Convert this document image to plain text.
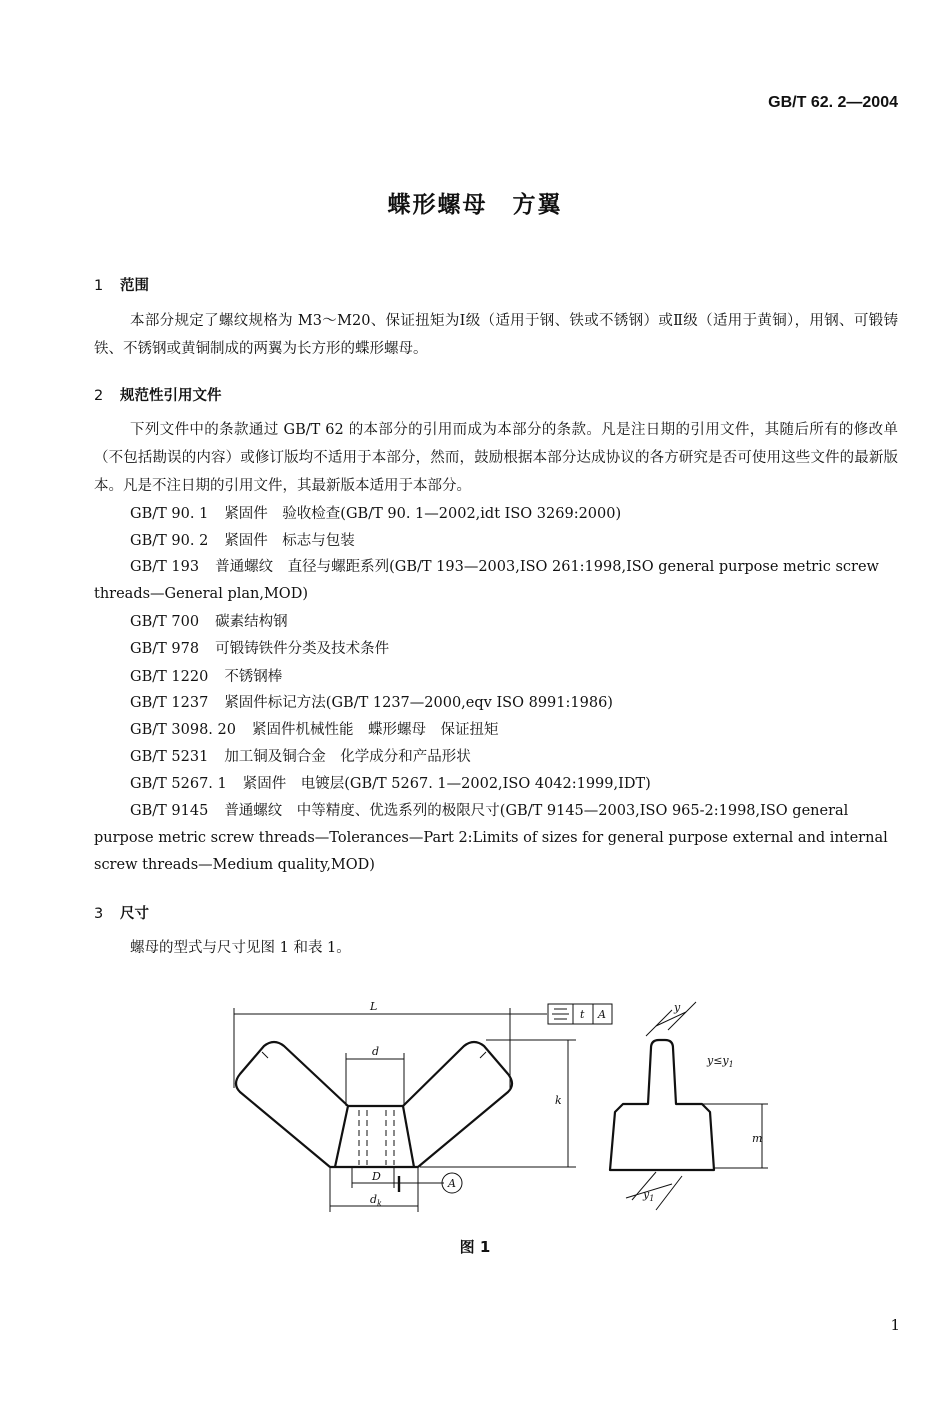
GB/T 62. 2—2004
蝶形螺母　方翼
1 范围

本部分规定了螺纹规格为 M3～M20、保证扭矩为Ⅰ级（适用于钢、铁或不锈钢）或Ⅱ级（适用于黄铜），用钢、可锻铸铁、不锈钢或黄铜制成的两翼为长方形的蝶形螺母。

2 规范性引用文件

下列文件中的条款通过 GB/T 62 的本部分的引用而成为本部分的条款。凡是注日期的引用文件，其随后所有的修改单（不包括勘误的内容）或修订版均不适用于本部分，然而，鼓励根据本部分达成协议的各方研究是否可使用这些文件的最新版本。凡是不注日期的引用文件，其最新版本适用于本部分。

GB/T 90. 1 紧固件　验收检查(GB/T 90. 1—2002,idt ISO 3269:2000)

GB/T 90. 2 紧固件　标志与包装

GB/T 193 普通螺纹　直径与螺距系列(GB/T 193—2003,ISO 261:1998,ISO general purpose metric screw threads—General plan,MOD)

GB/T 700 碳素结构钢

GB/T 978 可锻铸铁件分类及技术条件

GB/T 1220 不锈钢棒

GB/T 1237 紧固件标记方法(GB/T 1237—2000,eqv ISO 8991:1986)

GB/T 3098. 20 紧固件机械性能　蝶形螺母　保证扭矩

GB/T 5231 加工铜及铜合金　化学成分和产品形状

GB/T 5267. 1 紧固件　电镀层(GB/T 5267. 1—2002,ISO 4042:1999,IDT)

GB/T 9145 普通螺纹　中等精度、优选系列的极限尺寸(GB/T 9145—2003,ISO 965-2:1998,ISO general purpose metric screw threads—Tolerances—Part 2:Limits of sizes for general purpose external and internal screw threads—Medium quality,MOD)

3 尺寸

螺母的型式与尺寸见图 1 和表 1。

L
d
k
D
$d_k$
A
t A
y
$y\le y_1$
m
$y_1$
图 1
1
